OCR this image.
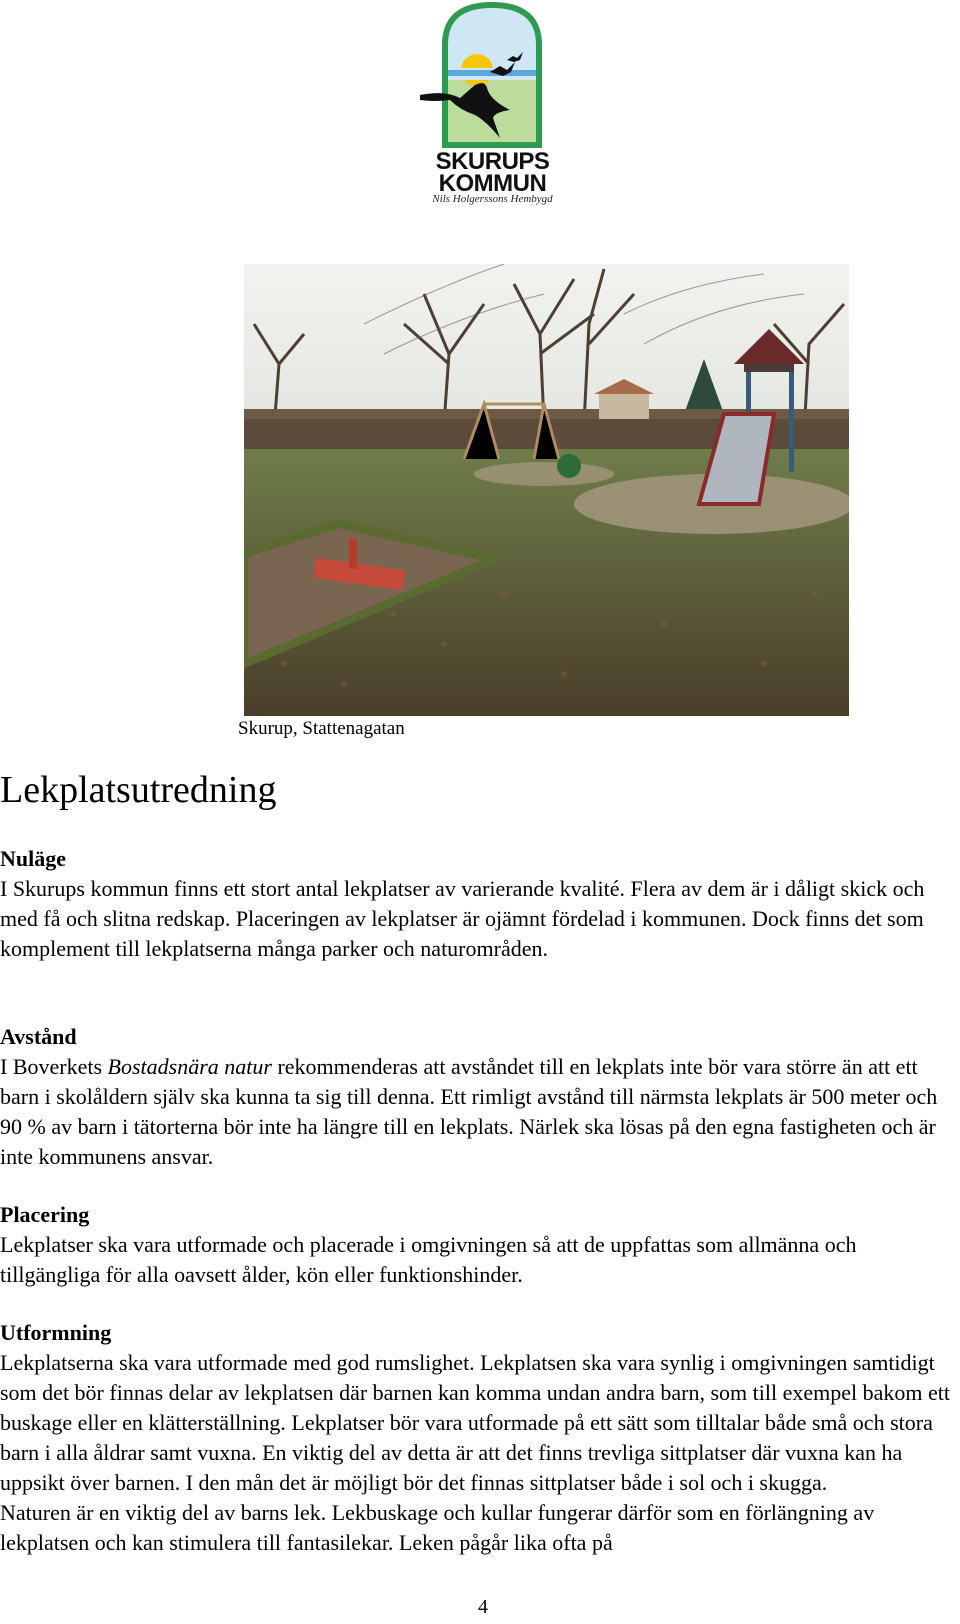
SKURUPS
KOMMUN
Nils Holgerssons Hembygd
Skurup, Stattenagatan
Lekplatsutredning
Nuläge
I Skurups kommun finns ett stort antal lekplatser av varierande kvalité. Flera av dem är i dåligt skick och med få och slitna redskap. Placeringen av lekplatser är ojämnt fördelad i kommunen. Dock finns det som komplement till lekplatserna många parker och naturområden.
Avstånd
I Boverkets Bostadsnära natur rekommenderas att avståndet till en lekplats inte bör vara större än att ett barn i skolåldern själv ska kunna ta sig till denna. Ett rimligt avstånd till närmsta lekplats är 500 meter och 90 % av barn i tätorterna bör inte ha längre till en lekplats. Närlek ska lösas på den egna fastigheten och är inte kommunens ansvar.
Placering
Lekplatser ska vara utformade och placerade i omgivningen så att de uppfattas som allmänna och tillgängliga för alla oavsett ålder, kön eller funktionshinder.
Utformning
Lekplatserna ska vara utformade med god rumslighet. Lekplatsen ska vara synlig i omgivningen samtidigt som det bör finnas delar av lekplatsen där barnen kan komma undan andra barn, som till exempel bakom ett buskage eller en klätterställning. Lekplatser bör vara utformade på ett sätt som tilltalar både små och stora barn i alla åldrar samt vuxna. En viktig del av detta är att det finns trevliga sittplatser där vuxna kan ha uppsikt över barnen. I den mån det är möjligt bör det finnas sittplatser både i sol och i skugga.
Naturen är en viktig del av barns lek. Lekbuskage och kullar fungerar därför som en förlängning av lekplatsen och kan stimulera till fantasilekar. Leken pågår lika ofta på
4
